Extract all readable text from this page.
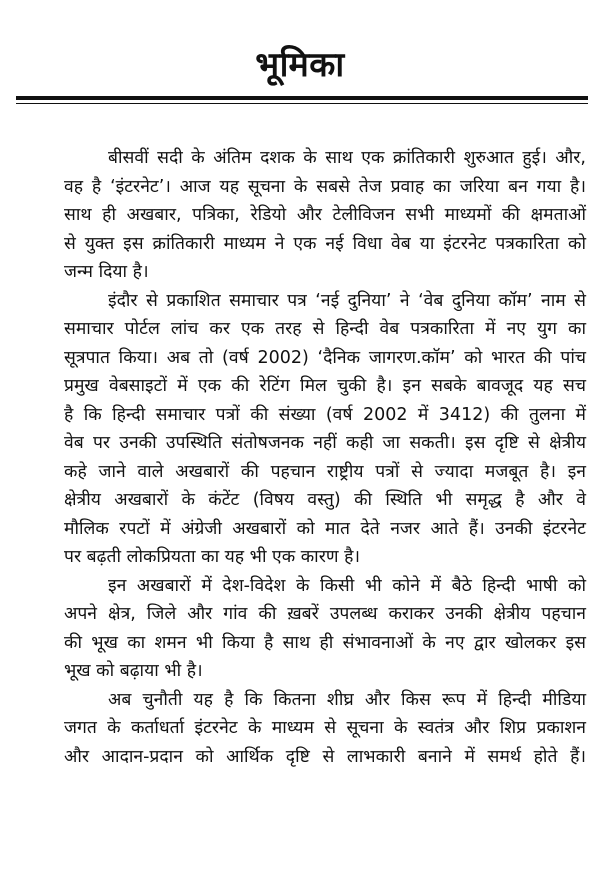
भूमिका
बीसवीं सदी के अंतिम दशक के साथ एक क्रांतिकारी शुरुआत हुई। और,
वह है ‘इंटरनेट’। आज यह सूचना के सबसे तेज प्रवाह का जरिया बन गया है।
साथ ही अखबार, पत्रिका, रेडियो और टेलीविजन सभी माध्यमों की क्षमताओं
से युक्त इस क्रांतिकारी माध्यम ने एक नई विधा वेब या इंटरनेट पत्रकारिता को
जन्म दिया है।
इंदौर से प्रकाशित समाचार पत्र ‘नई दुनिया’ ने ‘वेब दुनिया कॉम’ नाम से
समाचार पोर्टल लांच कर एक तरह से हिन्दी वेब पत्रकारिता में नए युग का
सूत्रपात किया। अब तो (वर्ष 2002) ‘दैनिक जागरण.कॉम’ को भारत की पांच
प्रमुख वेबसाइटों में एक की रेटिंग मिल चुकी है। इन सबके बावजूद यह सच
है कि हिन्दी समाचार पत्रों की संख्या (वर्ष 2002 में 3412) की तुलना में
वेब पर उनकी उपस्थिति संतोषजनक नहीं कही जा सकती। इस दृष्टि से क्षेत्रीय
कहे जाने वाले अखबारों की पहचान राष्ट्रीय पत्रों से ज्यादा मजबूत है। इन
क्षेत्रीय अखबारों के कंटेंट (विषय वस्तु) की स्थिति भी समृद्ध है और वे
मौलिक रपटों में अंग्रेजी अखबारों को मात देते नजर आते हैं। उनकी इंटरनेट
पर बढ़ती लोकप्रियता का यह भी एक कारण है।
इन अखबारों में देश-विदेश के किसी भी कोने में बैठे हिन्दी भाषी को
अपने क्षेत्र, जिले और गांव की ख़बरें उपलब्ध कराकर उनकी क्षेत्रीय पहचान
की भूख का शमन भी किया है साथ ही संभावनाओं के नए द्वार खोलकर इस
भूख को बढ़ाया भी है।
अब चुनौती यह है कि कितना शीघ्र और किस रूप में हिन्दी मीडिया
जगत के कर्ताधर्ता इंटरनेट के माध्यम से सूचना के स्वतंत्र और शिप्र प्रकाशन
और आदान-प्रदान को आर्थिक दृष्टि से लाभकारी बनाने में समर्थ होते हैं।
